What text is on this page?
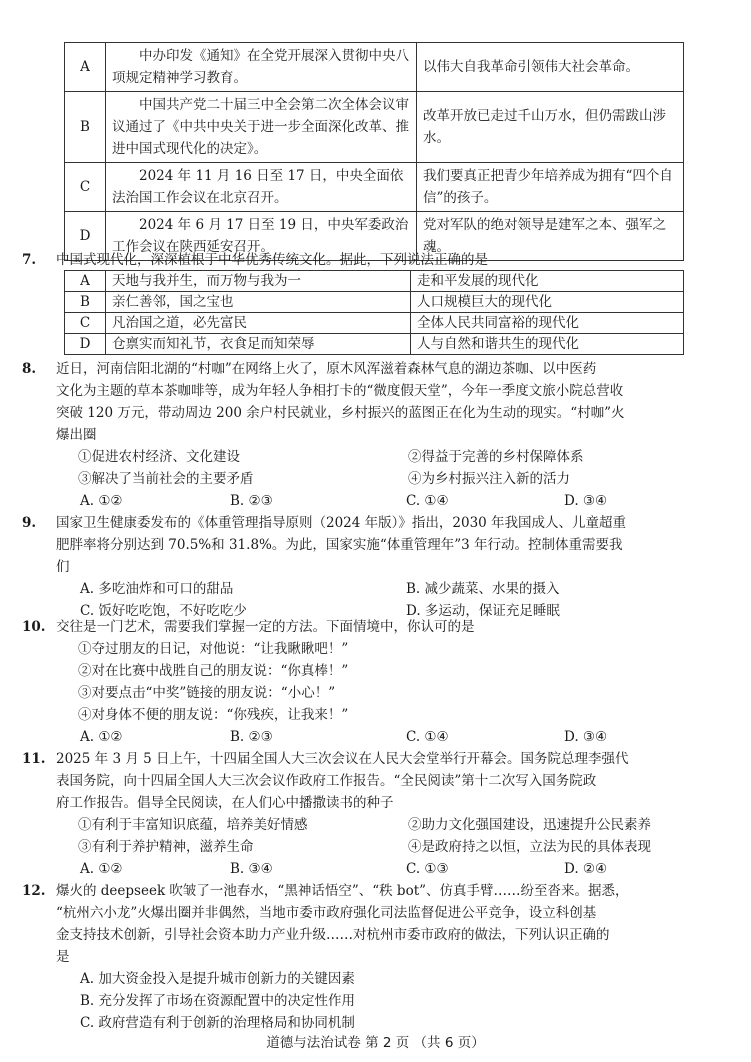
A	中办印发《通知》在全党开展深入贯彻中央八项规定精神学习教育。	以伟大自我革命引领伟大社会革命。
B	中国共产党二十届三中全会第二次全体会议审议通过了《中共中央关于进一步全面深化改革、推进中国式现代化的决定》。	改革开放已走过千山万水，但仍需跋山涉水。
C	2024 年 11 月 16 日至 17 日，中央全面依法治国工作会议在北京召开。	我们要真正把青少年培养成为拥有“四个自信”的孩子。
D	2024 年 6 月 17 日至 19 日，中央军委政治工作会议在陕西延安召开。	党对军队的绝对领导是建军之本、强军之魂。
7. 中国式现代化，深深植根于中华优秀传统文化。据此，下列说法正确的是
A	天地与我并生，而万物与我为一	走和平发展的现代化
B	亲仁善邻，国之宝也	人口规模巨大的现代化
C	凡治国之道，必先富民	全体人民共同富裕的现代化
D	仓禀实而知礼节，衣食足而知荣辱	人与自然和谐共生的现代化
8. 近日，河南信阳北湖的“村咖”在网络上火了，原木风浑滋着森林气息的湖边茶咖、以中医药
文化为主题的草本茶咖啡等，成为年轻人争相打卡的“微度假天堂”，今年一季度文旅小院总营收
突破 120 万元，带动周边 200 余户村民就业，乡村振兴的蓝图正在化为生动的现实。“村咖”火
爆出圈
①促进农村经济、文化建设	②得益于完善的乡村保障体系
③解决了当前社会的主要矛盾	④为乡村振兴注入新的活力
A. ①②	B. ②③	C. ①④	D. ③④
9. 国家卫生健康委发布的《体重管理指导原则（2024 年版）》指出，2030 年我国成人、儿童超重
肥胖率将分别达到 70.5%和 31.8%。为此，国家实施“体重管理年”3 年行动。控制体重需要我
们
A. 多吃油炸和可口的甜品	B. 减少蔬菜、水果的摄入
C. 饭好吃吃饱，不好吃吃少	D. 多运动，保证充足睡眠
10. 交往是一门艺术，需要我们掌握一定的方法。下面情境中，你认可的是
①夺过朋友的日记，对他说：“让我瞅瞅吧！”
②对在比赛中战胜自己的朋友说：“你真棒！”
③对要点击“中奖”链接的朋友说：“小心！”
④对身体不便的朋友说：“你残疾，让我来！”
A. ①②	B. ②③	C. ①④	D. ③④
11. 2025 年 3 月 5 日上午，十四届全国人大三次会议在人民大会堂举行开幕会。国务院总理李强代
表国务院，向十四届全国人大三次会议作政府工作报告。“全民阅读”第十二次写入国务院政
府工作报告。倡导全民阅读，在人们心中播撒读书的种子
①有利于丰富知识底蕴，培养美好情感	②助力文化强国建设，迅速提升公民素养
③有利于养护精神，滋养生命	④是政府持之以恒，立法为民的具体表现
A. ①②	B. ③④	C. ①③	D. ②④
12. 爆火的 deepseek 吹皱了一池春水，“黑神话悟空”、“秩 bot”、仿真手臂……纷至沓来。据悉，
“杭州六小龙”火爆出圈并非偶然，当地市委市政府强化司法监督促进公平竞争，设立科创基
金支持技术创新，引导社会资本助力产业升级……对杭州市委市政府的做法，下列认识正确的
是
A. 加大资金投入是提升城市创新力的关键因素
B. 充分发挥了市场在资源配置中的决定性作用
C. 政府营造有利于创新的治理格局和协同机制
道德与法治试卷 第 2 页 （共 6 页）
